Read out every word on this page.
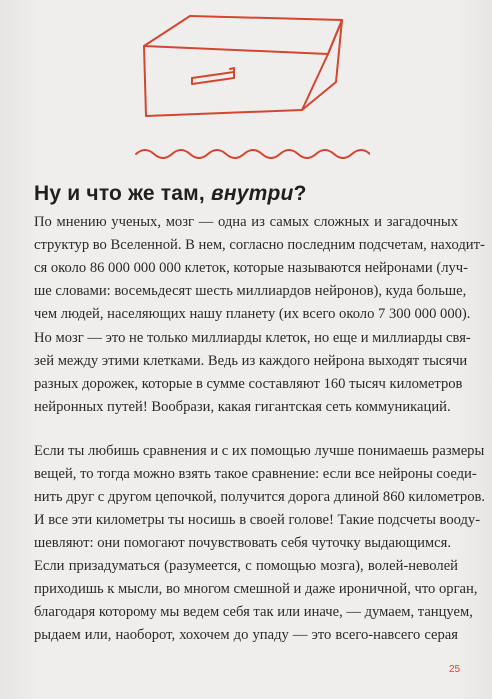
Ну и что же там, внутри?
По мнению ученых, мозг — одна из самых сложных и загадочных
структур во Вселенной. В нем, согласно последним подсчетам, находит-
ся около 86 000 000 000 клеток, которые называются нейронами (луч-
ше словами: восемьдесят шесть миллиардов нейронов), куда больше,
чем людей, населяющих нашу планету (их всего около 7 300 000 000).
Но мозг — это не только миллиарды клеток, но еще и миллиарды свя-
зей между этими клетками. Ведь из каждого нейрона выходят тысячи
разных дорожек, которые в сумме составляют 160 тысяч километров
нейронных путей! Вообрази, какая гигантская сеть коммуникаций.
Если ты любишь сравнения и с их помощью лучше понимаешь размеры
вещей, то тогда можно взять такое сравнение: если все нейроны соеди-
нить друг с другом цепочкой, получится дорога длиной 860 километров.
И все эти километры ты носишь в своей голове! Такие подсчеты вооду-
шевляют: они помогают почувствовать себя чуточку выдающимся.
Если призадуматься (разумеется, с помощью мозга), волей-неволей
приходишь к мысли, во многом смешной и даже ироничной, что орган,
благодаря которому мы ведем себя так или иначе, — думаем, танцуем,
рыдаем или, наоборот, хохочем до упаду — это всего-навсего серая
25
